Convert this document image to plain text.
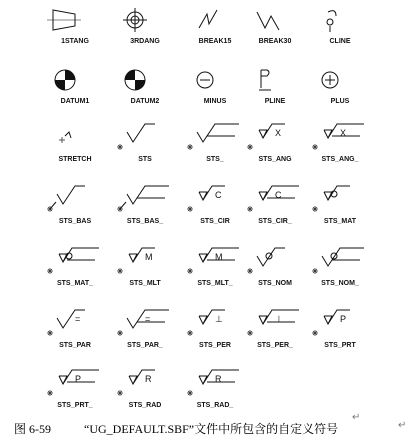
1STANG	3RDANG	BREAK15	BREAK30	CLINE
DATUM1	DATUM2	MINUS	PLINE	PLUS
STRETCH	STS	STS_
X
STS_ANG
X
STS_ANG_
STS_BAS	STS_BAS_
C
STS_CIR
C
STS_CIR_	STS_MAT
STS_MAT_
M
STS_MLT
M
STS_MLT_	STS_NOM	STS_NOM_
=
STS_PAR
=
STS_PAR_
⊥
STS_PER
⊥
STS_PER_
P
STS_PRT
P
STS_PRT_
R
STS_RAD
R
STS_RAD_
图 6-59	“UG_DEFAULT.SBF”文件中所包含的自定义符号
↵
↵
